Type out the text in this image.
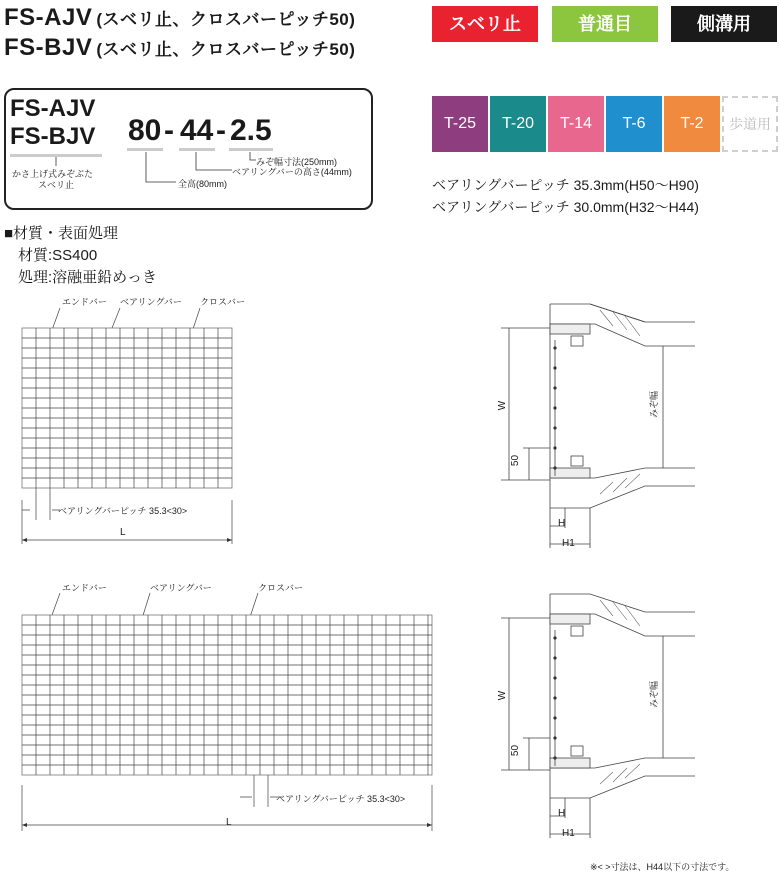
FS-AJV (スベリ止、クロスバーピッチ50)
FS-BJV (スベリ止、クロスバーピッチ50)
スベリ止	普通目	側溝用
T-25	T-20	T-14	T-6	T-2	歩道用
ベアリングバーピッチ 35.3mm(H50〜H90)
ベアリングバーピッチ 30.0mm(H32〜H44)
FS-AJV
FS-BJV 80 - 44 - 2.5
かさ上げ式みぞぶた
スベリ止
みぞ幅寸法(250mm)
ベアリングバーの高さ(44mm)
全高(80mm)
■材質・表面処理
材質:SS400
処理:溶融亜鉛めっき
エンドバー ベアリングバー クロスバー
ベアリングバーピッチ 35.3<30>
L
エンドバー	ベアリングバー	クロスバー
ベアリングバーピッチ 35.3<30>
L
W	みぞ幅
50
H
H1
W	みぞ幅
50
H
H1
※< >寸法は、H44以下の寸法です。
